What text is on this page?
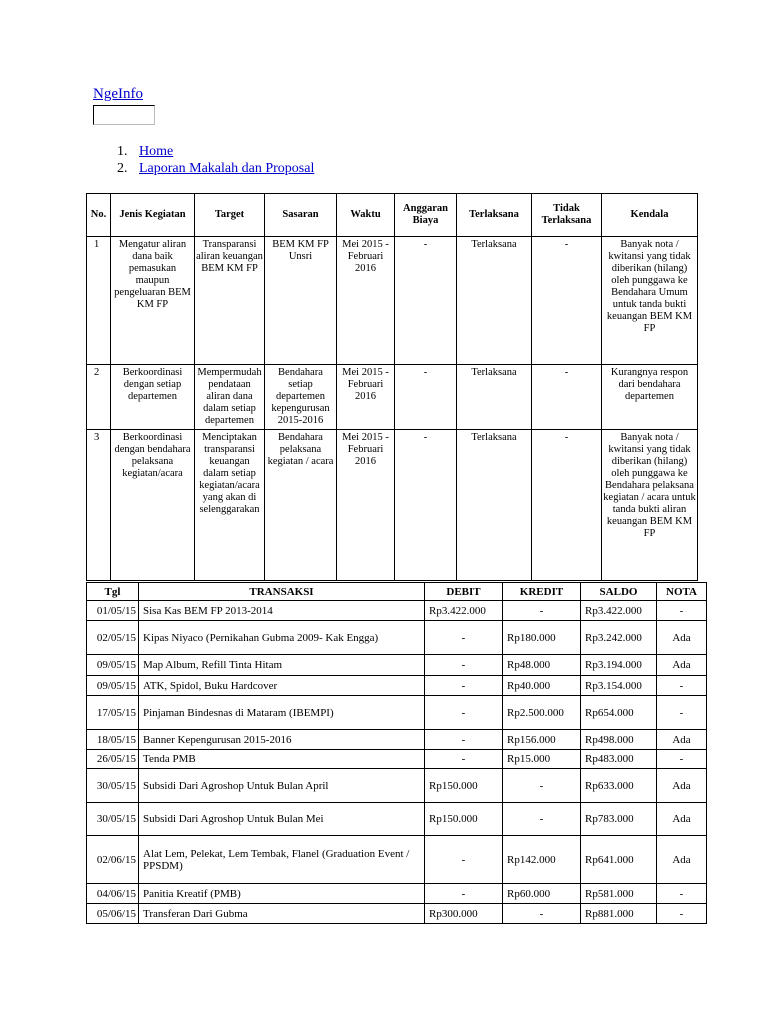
NgeInfo
1. Home
2. Laporan Makalah dan Proposal
No.	Jenis Kegiatan	Target	Sasaran	Waktu	Anggaran Biaya	Terlaksana	Tidak Terlaksana	Kendala
1	Mengatur aliran dana baik pemasukan maupun pengeluaran BEM KM FP	Transparansi aliran keuangan BEM KM FP	BEM KM FP Unsri	Mei 2015 - Februari 2016	-	Terlaksana	-	Banyak nota / kwitansi yang tidak diberikan (hilang) oleh punggawa ke Bendahara Umum untuk tanda bukti keuangan BEM KM FP
2	Berkoordinasi dengan setiap departemen	Mempermudah pendataan aliran dana dalam setiap departemen	Bendahara setiap departemen kepengurusan 2015-2016	Mei 2015 - Februari 2016	-	Terlaksana	-	Kurangnya respon dari bendahara departemen
3	Berkoordinasi dengan bendahara pelaksana kegiatan/acara	Menciptakan transparansi keuangan dalam setiap kegiatan/acara yang akan di selenggarakan	Bendahara pelaksana kegiatan / acara	Mei 2015 - Februari 2016	-	Terlaksana	-	Banyak nota / kwitansi yang tidak diberikan (hilang) oleh punggawa ke Bendahara pelaksana kegiatan / acara untuk tanda bukti aliran keuangan BEM KM FP
Tgl	TRANSAKSI	DEBIT	KREDIT	SALDO	NOTA
01/05/15	Sisa Kas BEM FP 2013-2014	Rp3.422.000	-	Rp3.422.000	-
02/05/15	Kipas Niyaco (Pernikahan Gubma 2009- Kak Engga)	-	Rp180.000	Rp3.242.000	Ada
09/05/15	Map Album, Refill Tinta Hitam	-	Rp48.000	Rp3.194.000	Ada
09/05/15	ATK, Spidol, Buku Hardcover	-	Rp40.000	Rp3.154.000	-
17/05/15	Pinjaman Bindesnas di Mataram (IBEMPI)	-	Rp2.500.000	Rp654.000	-
18/05/15	Banner Kepengurusan 2015-2016	-	Rp156.000	Rp498.000	Ada
26/05/15	Tenda PMB	-	Rp15.000	Rp483.000	-
30/05/15	Subsidi Dari Agroshop Untuk Bulan April	Rp150.000	-	Rp633.000	Ada
30/05/15	Subsidi Dari Agroshop Untuk Bulan Mei	Rp150.000	-	Rp783.000	Ada
02/06/15	Alat Lem, Pelekat, Lem Tembak, Flanel (Graduation Event / PPSDM)	-	Rp142.000	Rp641.000	Ada
04/06/15	Panitia Kreatif (PMB)	-	Rp60.000	Rp581.000	-
05/06/15	Transferan Dari Gubma	Rp300.000	-	Rp881.000	-
